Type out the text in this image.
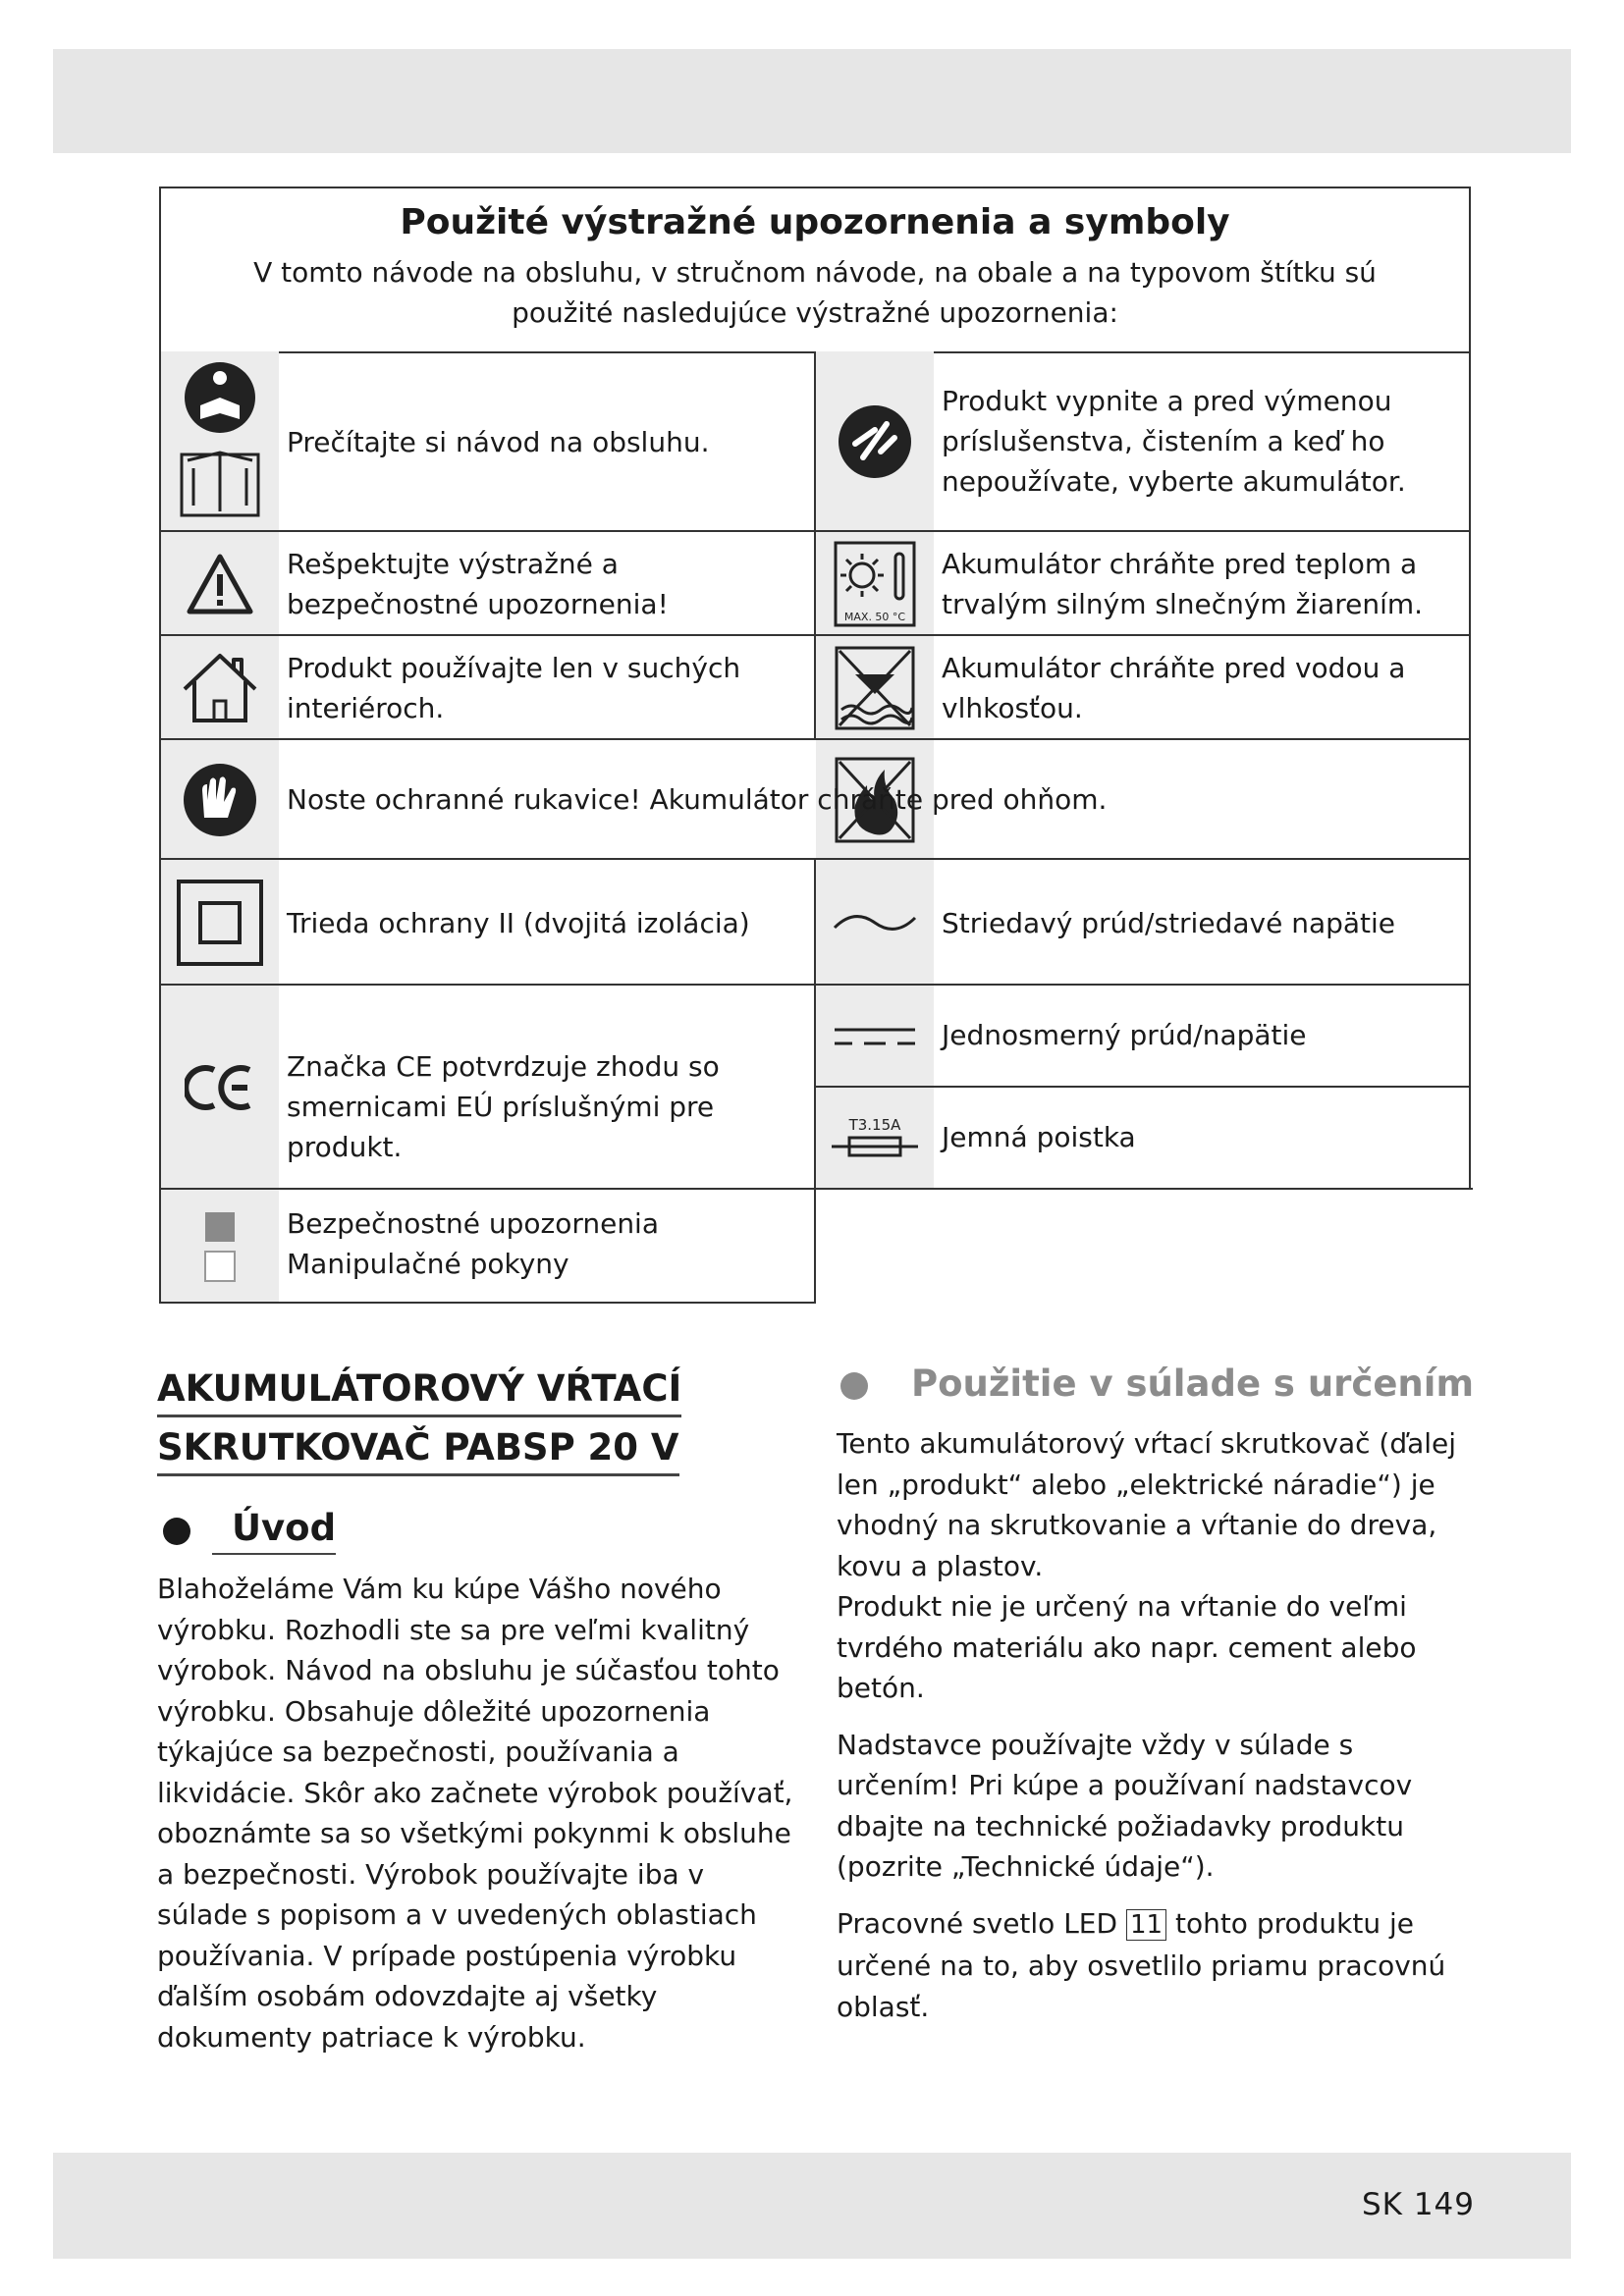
Použité výstražné upozornenia a symboly

V tomto návode na obsluhu, v stručnom návode, na obale a na typovom štítku sú použité nasledujúce výstražné upozornenia:

Prečítajte si návod na obsluhu.
Produkt vypnite a pred výmenou príslušenstva, čistením a keď ho nepoužívate, vyberte akumulátor.
Rešpektujte výstražné a bezpečnostné upozornenia!	MAX. 50 °C
Akumulátor chráňte pred teplom a trvalým silným slnečným žiarením.
Produkt používajte len v suchých interiéroch.
Akumulátor chráňte pred vodou a vlhkosťou.
Noste ochranné rukavice! Akumulátor chráňte pred ohňom.
Trieda ochrany II (dvojitá izolácia)	Striedavý prúd/striedavé napätie
Značka CE potvrdzuje zhodu so smernicami EÚ príslušnými pre produkt.
Jednosmerný prúd/napätie
T3.15A Jemná poistka
Bezpečnostné upozornenia
Manipulačné pokyny
AKUMULÁTOROVÝ VŔTACÍ
SKRUTKOVAČ PABSP 20 V
Úvod
Blahoželáme Vám ku kúpe Vášho nového výrobku. Rozhodli ste sa pre veľmi kvalitný výrobok. Návod na obsluhu je súčasťou tohto výrobku. Obsahuje dôležité upozornenia týkajúce sa bezpečnosti, používania a likvidácie. Skôr ako začnete výrobok používať, oboznámte sa so všetkými pokynmi k obsluhe a bezpečnosti. Výrobok používajte iba v súlade s popisom a v uvedených oblastiach používania. V prípade postúpenia výrobku ďalším osobám odovzdajte aj všetky dokumenty patriace k výrobku.
Použitie v súlade s určením
Tento akumulátorový vŕtací skrutkovač (ďalej len „produkt“ alebo „elektrické náradie“) je vhodný na skrutkovanie a vŕtanie do dreva, kovu a plastov.
Produkt nie je určený na vŕtanie do veľmi tvrdého materiálu ako napr. cement alebo betón.
Nadstavce používajte vždy v súlade s určením! Pri kúpe a používaní nadstavcov dbajte na technické požiadavky produktu (pozrite „Technické údaje“).
Pracovné svetlo LED 11 tohto produktu je určené na to, aby osvetlilo priamu pracovnú oblasť.
SK 149
